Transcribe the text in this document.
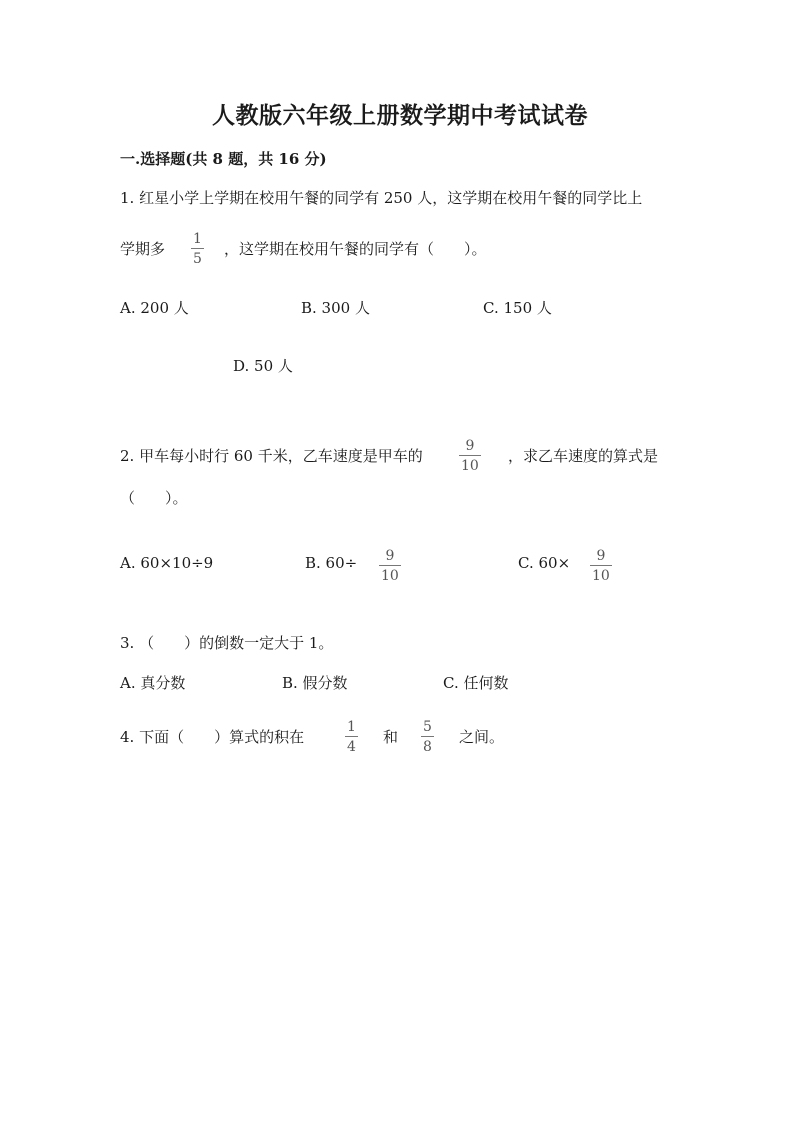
人教版六年级上册数学期中考试试卷
一.选择题(共 8 题，共 16 分)
1. 红星小学上学期在校用午餐的同学有 250 人，这学期在校用午餐的同学比上
学期多
1
5
，这学期在校用午餐的同学有（　　）。
A. 200 人	B. 300 人	C. 150 人
D. 50 人
2. 甲车每小时行 60 千米，乙车速度是甲车的
9
10
，求乙车速度的算式是
（　　）。
A. 60×10÷9	B. 60÷ 9
10
C. 60× 9
10
3. （　　）的倒数一定大于 1。
A. 真分数	B. 假分数	C. 任何数
4. 下面（　　）算式的积在
1
4
和
5
8
之间。
